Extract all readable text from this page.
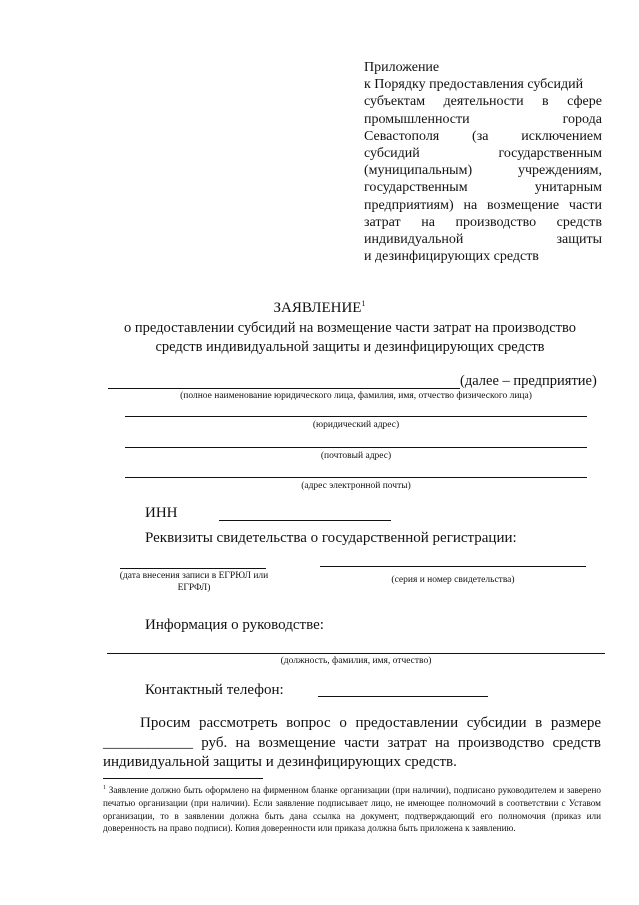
Приложение
к Порядку предоставления субсидий
субъектам деятельности в сфере
промышленности города
Севастополя (за исключением
субсидий государственным
(муниципальным) учреждениям,
государственным унитарным
предприятиям) на возмещение части
затрат на производство средств
индивидуальной защиты
и дезинфицирующих средств
ЗАЯВЛЕНИЕ$^1$
о предоставлении субсидий на возмещение части затрат на производство
средств индивидуальной защиты и дезинфицирующих средств
(далее – предприятие)
(полное наименование юридического лица, фамилия, имя, отчество физического лица)
(юридический адрес)
(почтовый адрес)
(адрес электронной почты)
ИНН
Реквизиты свидетельства о государственной регистрации:
(дата внесения записи в ЕГРЮЛ или
ЕГРФЛ)
(серия и номер свидетельства)
Информация о руководстве:
(должность, фамилия, имя, отчество)
Контактный телефон:
Просим рассмотреть вопрос о предоставлении субсидии в размере
____________ руб. на возмещение части затрат на производство средств
индивидуальной защиты и дезинфицирующих средств.
$^1$ Заявление должно быть оформлено на фирменном бланке организации (при наличии), подписано руководителем и заверено печатью организации (при наличии). Если заявление подписывает лицо, не имеющее полномочий в соответствии с Уставом организации, то в заявлении должна быть дана ссылка на документ, подтверждающий его полномочия (приказ или доверенность на право подписи). Копия доверенности или приказа должна быть приложена к заявлению.
